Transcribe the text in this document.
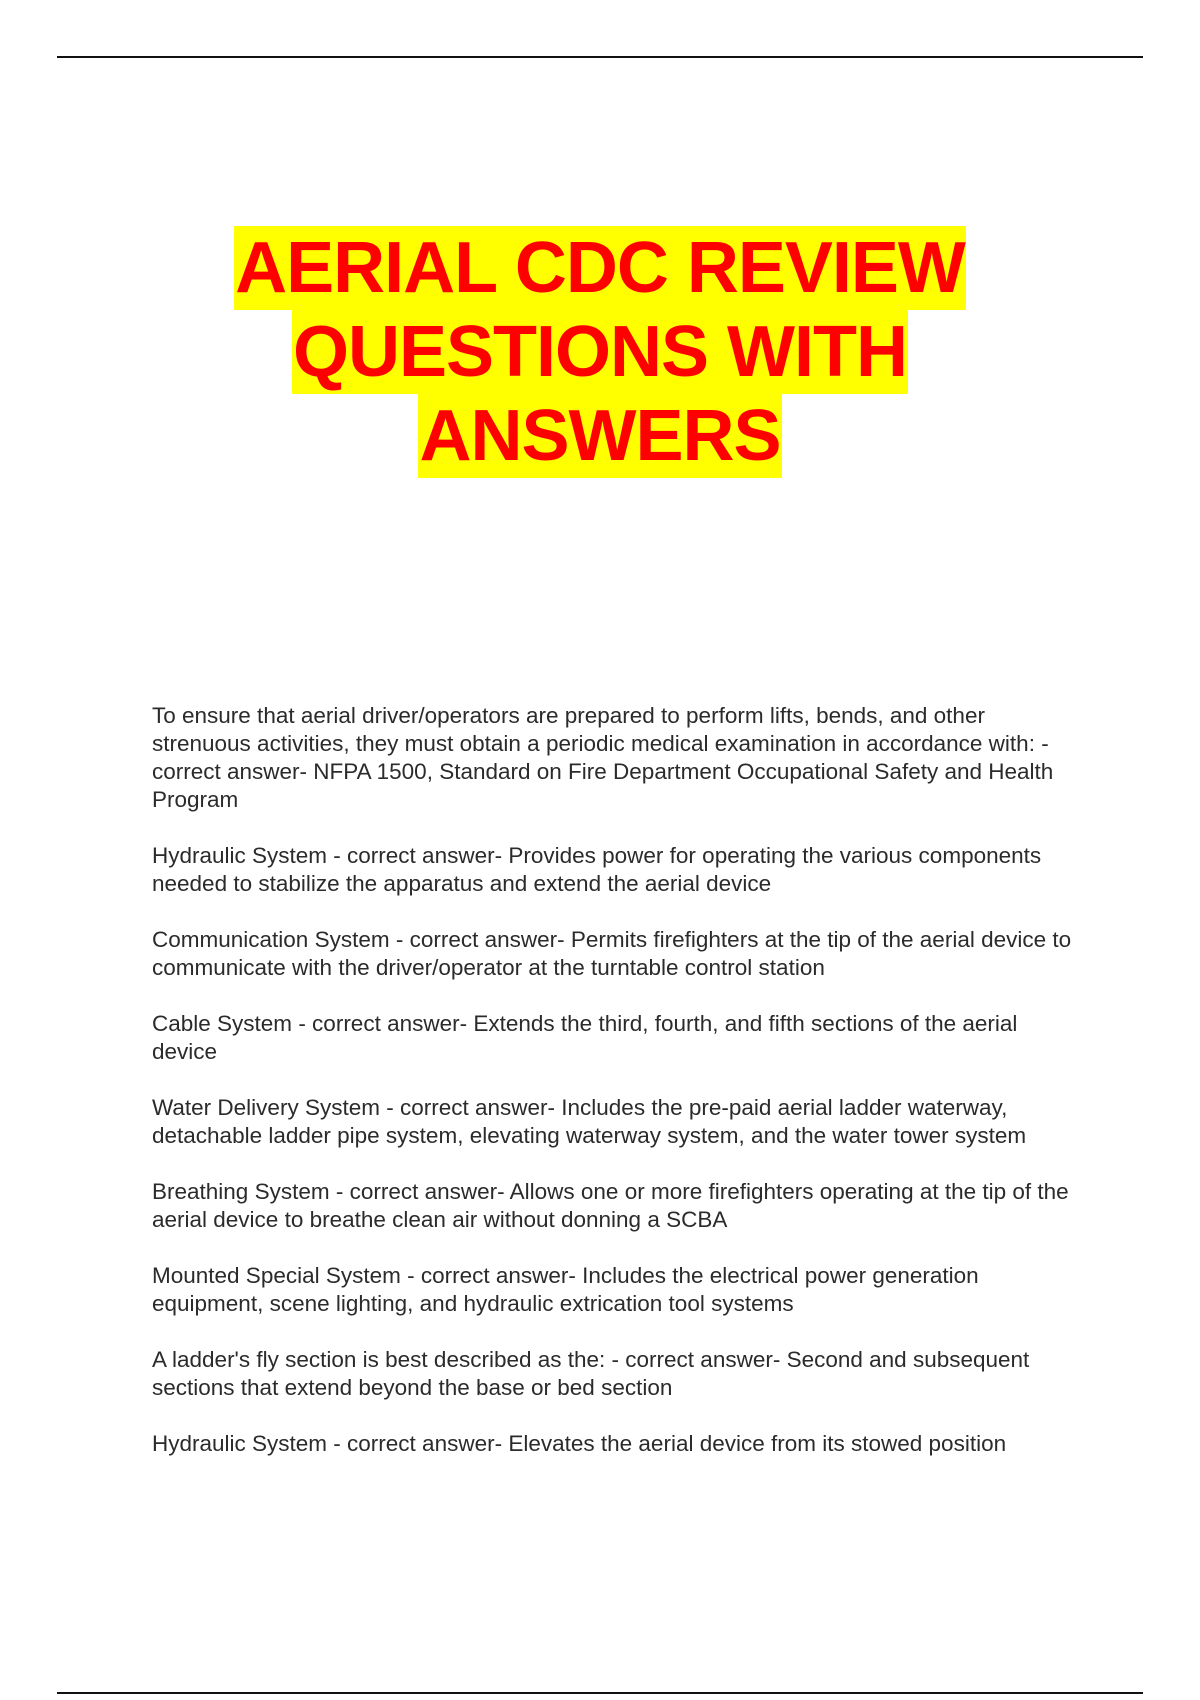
AERIAL CDC REVIEW
QUESTIONS WITH
ANSWERS
To ensure that aerial driver/operators are prepared to perform lifts, bends, and other strenuous activities, they must obtain a periodic medical examination in accordance with: - correct answer- NFPA 1500, Standard on Fire Department Occupational Safety and Health Program
Hydraulic System - correct answer- Provides power for operating the various components needed to stabilize the apparatus and extend the aerial device
Communication System - correct answer- Permits firefighters at the tip of the aerial device to communicate with the driver/operator at the turntable control station
Cable System - correct answer- Extends the third, fourth, and fifth sections of the aerial device
Water Delivery System - correct answer- Includes the pre-paid aerial ladder waterway, detachable ladder pipe system, elevating waterway system, and the water tower system
Breathing System - correct answer- Allows one or more firefighters operating at the tip of the aerial device to breathe clean air without donning a SCBA
Mounted Special System - correct answer- Includes the electrical power generation equipment, scene lighting, and hydraulic extrication tool systems
A ladder's fly section is best described as the: - correct answer- Second and subsequent sections that extend beyond the base or bed section
Hydraulic System - correct answer- Elevates the aerial device from its stowed position
